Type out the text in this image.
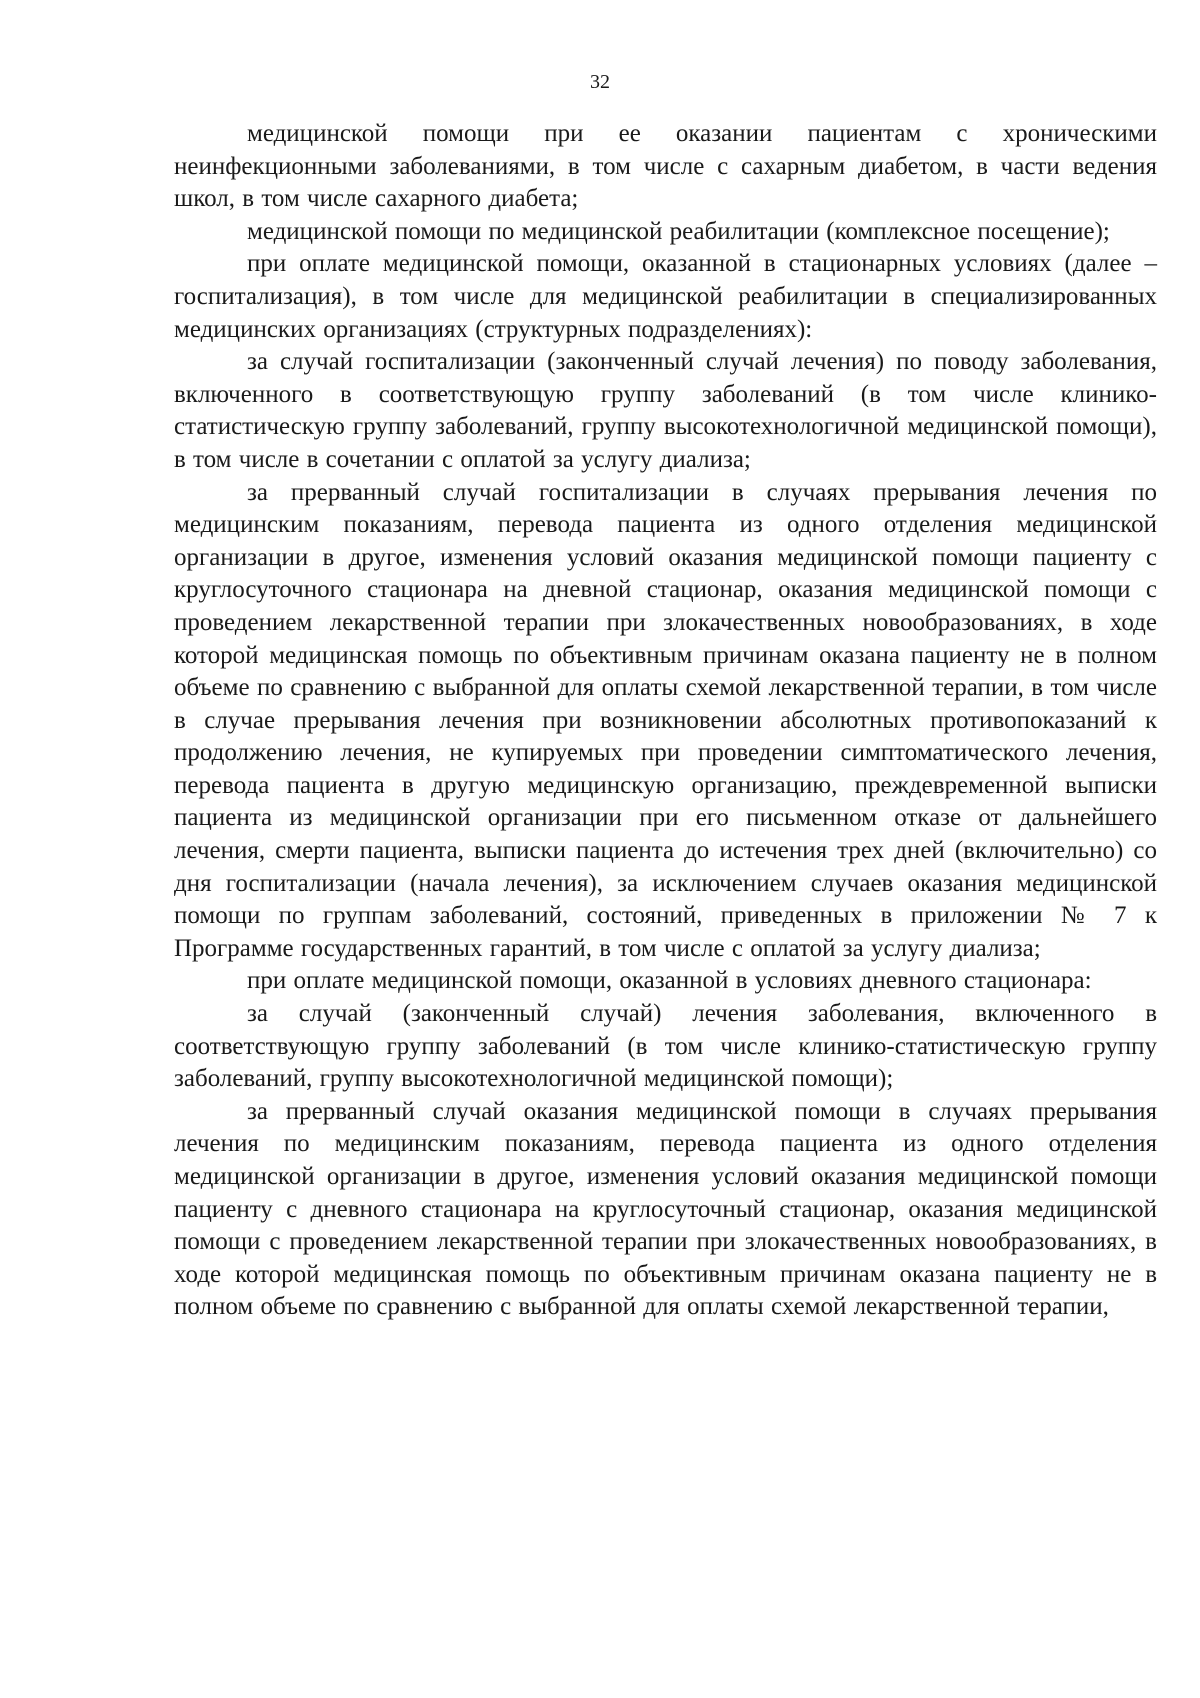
32

медицинской помощи при ее оказании пациентам с хроническими неинфекционными заболеваниями, в том числе с сахарным диабетом, в части ведения школ, в том числе сахарного диабета;

медицинской помощи по медицинской реабилитации (комплексное посещение);

при оплате медицинской помощи, оказанной в стационарных условиях (далее – госпитализация), в том числе для медицинской реабилитации в специализированных медицинских организациях (структурных подразделениях):

за случай госпитализации (законченный случай лечения) по поводу заболевания, включенного в соответствующую группу заболеваний (в том числе клинико-статистическую группу заболеваний, группу высокотехнологичной медицинской помощи), в том числе в сочетании с оплатой за услугу диализа;

за прерванный случай госпитализации в случаях прерывания лечения по медицинским показаниям, перевода пациента из одного отделения медицинской организации в другое, изменения условий оказания медицинской помощи пациенту с круглосуточного стационара на дневной стационар, оказания медицинской помощи с проведением лекарственной терапии при злокачественных новообразованиях, в ходе которой медицинская помощь по объективным причинам оказана пациенту не в полном объеме по сравнению с выбранной для оплаты схемой лекарственной терапии, в том числе в случае прерывания лечения при возникновении абсолютных противопоказаний к продолжению лечения, не купируемых при проведении симптоматического лечения, перевода пациента в другую медицинскую организацию, преждевременной выписки пациента из медицинской организации при его письменном отказе от дальнейшего лечения, смерти пациента, выписки пациента до истечения трех дней (включительно) со дня госпитализации (начала лечения), за исключением случаев оказания медицинской помощи по группам заболеваний, состояний, приведенных в приложении № 7 к Программе государственных гарантий, в том числе с оплатой за услугу диализа;

при оплате медицинской помощи, оказанной в условиях дневного стационара:

за случай (законченный случай) лечения заболевания, включенного в соответствующую группу заболеваний (в том числе клинико-статистическую группу заболеваний, группу высокотехнологичной медицинской помощи);

за прерванный случай оказания медицинской помощи в случаях прерывания лечения по медицинским показаниям, перевода пациента из одного отделения медицинской организации в другое, изменения условий оказания медицинской помощи пациенту с дневного стационара на круглосуточный стационар, оказания медицинской помощи с проведением лекарственной терапии при злокачественных новообразованиях, в ходе которой медицинская помощь по объективным причинам оказана пациенту не в полном объеме по сравнению с выбранной для оплаты схемой лекарственной терапии,
